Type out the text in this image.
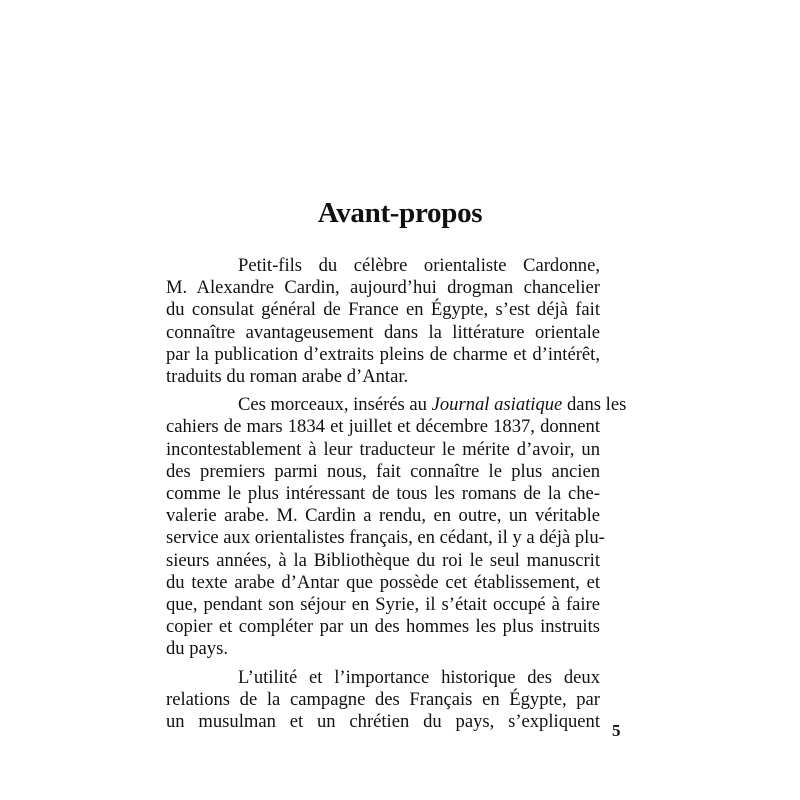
Avant-propos

Petit-fils du célèbre orientaliste Cardonne,
M. Alexandre Cardin, aujourd’hui drogman chancelier
du consulat général de France en Égypte, s’est déjà fait
connaître avantageusement dans la littérature orientale
par la publication d’extraits pleins de charme et d’intérêt,
traduits du roman arabe d’Antar.

Ces morceaux, insérés au Journal asiatique dans les
cahiers de mars 1834 et juillet et décembre 1837, donnent
incontestablement à leur traducteur le mérite d’avoir, un
des premiers parmi nous, fait connaître le plus ancien
comme le plus intéressant de tous les romans de la che-
valerie arabe. M. Cardin a rendu, en outre, un véritable
service aux orientalistes français, en cédant, il y a déjà plu-
sieurs années, à la Bibliothèque du roi le seul manuscrit
du texte arabe d’Antar que possède cet établissement, et
que, pendant son séjour en Syrie, il s’était occupé à faire
copier et compléter par un des hommes les plus instruits
du pays.

L’utilité et l’importance historique des deux
relations de la campagne des Français en Égypte, par
un musulman et un chrétien du pays, s’expliquent 5
